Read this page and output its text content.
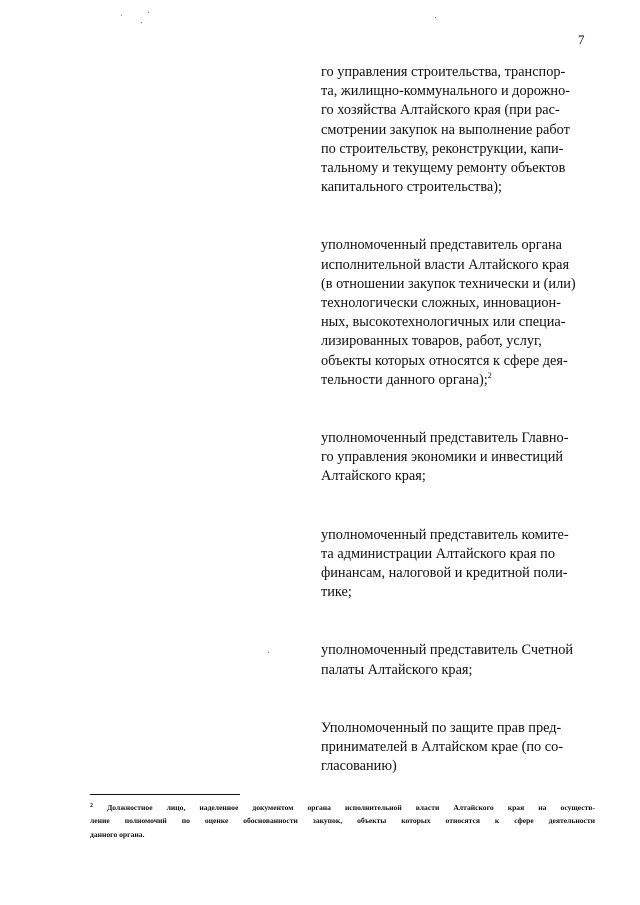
7

го управления строительства, транспор-
та, жилищно-коммунального и дорожно-
го хозяйства Алтайского края (при рас-
смотрении закупок на выполнение работ
по строительству, реконструкции, капи-
тальному и текущему ремонту объектов
капитального строительства);

уполномоченный представитель органа
исполнительной власти Алтайского края
(в отношении закупок технически и (или)
технологически сложных, инновацион-
ных, высокотехнологичных или специа-
лизированных товаров, работ, услуг,
объекты которых относятся к сфере дея-
тельности данного органа);$^2$

уполномоченный представитель Главно-
го управления экономики и инвестиций
Алтайского края;

уполномоченный представитель комите-
та администрации Алтайского края по
финансам, налоговой и кредитной поли-
тике;

уполномоченный представитель Счетной
палаты Алтайского края;

Уполномоченный по защите прав пред-
принимателей в Алтайском крае (по со-
гласованию)

$^2$ Должностное лицо, наделенное документом органа исполнительной власти Алтайского края на осуществ-
ление полномочий по оценке обоснованности закупок, объекты которых относятся к сфере деятельности
данного органа.
